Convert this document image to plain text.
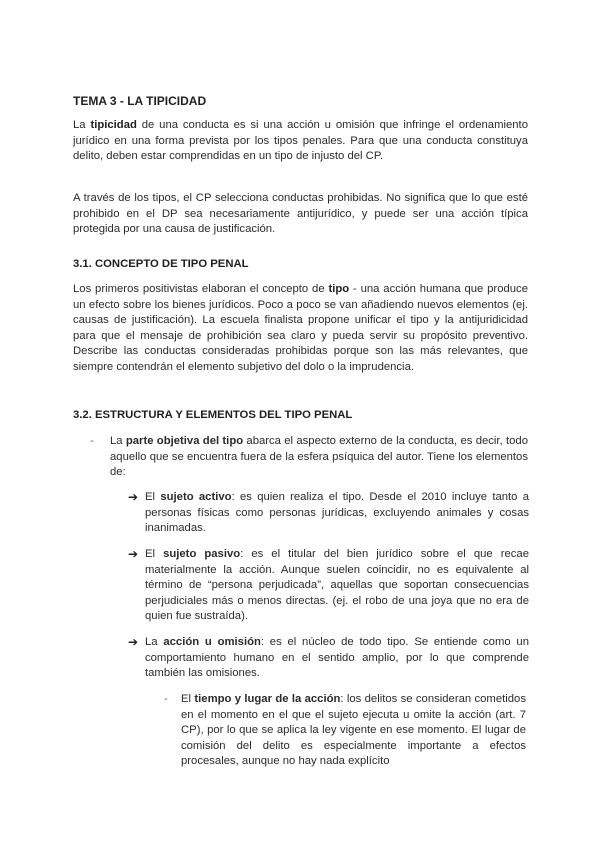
TEMA 3 - LA TIPICIDAD

La tipicidad de una conducta es si una acción u omisión que infringe el ordenamiento jurídico en una forma prevista por los tipos penales. Para que una conducta constituya delito, deben estar comprendidas en un tipo de injusto del CP.

A través de los tipos, el CP selecciona conductas prohibidas. No significa que lo que esté prohibido en el DP sea necesariamente antijurídico, y puede ser una acción típica protegida por una causa de justificación.

3.1. CONCEPTO DE TIPO PENAL

Los primeros positivistas elaboran el concepto de tipo - una acción humana que produce un efecto sobre los bienes jurídicos. Poco a poco se van añadiendo nuevos elementos (ej. causas de justificación). La escuela finalista propone unificar el tipo y la antijuridicidad para que el mensaje de prohibición sea claro y pueda servir su propósito preventivo. Describe las conductas consideradas prohibidas porque son las más relevantes, que siempre contendrán el elemento subjetivo del dolo o la imprudencia.

3.2. ESTRUCTURA Y ELEMENTOS DEL TIPO PENAL
- La parte objetiva del tipo abarca el aspecto externo de la conducta, es decir, todo aquello que se encuentra fuera de la esfera psíquica del autor. Tiene los elementos de:
➔ El sujeto activo: es quien realiza el tipo. Desde el 2010 incluye tanto a personas físicas como personas jurídicas, excluyendo animales y cosas inanimadas.
➔ El sujeto pasivo: es el titular del bien jurídico sobre el que recae materialmente la acción. Aunque suelen coincidir, no es equivalente al término de “persona perjudicada”, aquellas que soportan consecuencias perjudiciales más o menos directas. (ej. el robo de una joya que no era de quien fue sustraída).
➔ La acción u omisión: es el núcleo de todo tipo. Se entiende como un comportamiento humano en el sentido amplio, por lo que comprende también las omisiones.
- El tiempo y lugar de la acción: los delitos se consideran cometidos en el momento en el que el sujeto ejecuta u omite la acción (art. 7 CP), por lo que se aplica la ley vigente en ese momento. El lugar de comisión del delito es especialmente importante a efectos procesales, aunque no hay nada explícito
